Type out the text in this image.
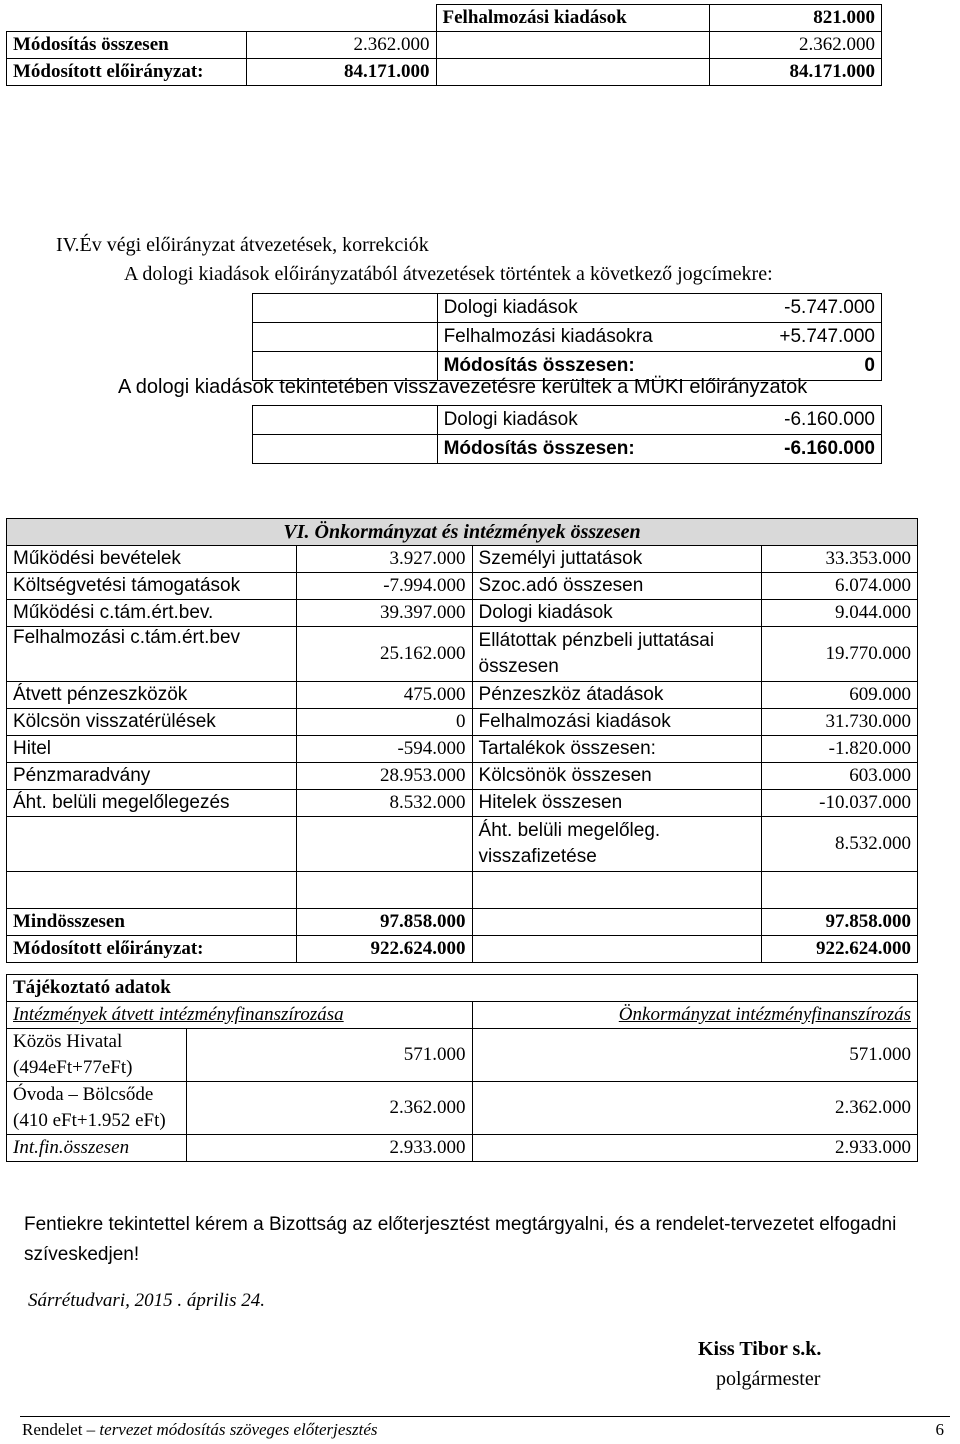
		Felhalmozási kiadások	821.000
Módosítás összesen	2.362.000		2.362.000
Módosított előirányzat:	84.171.000		84.171.000
IV.Év végi előirányzat átvezetések, korrekciók
A dologi kiadások előirányzatából átvezetések történtek a következő jogcímekre:
	Dologi kiadások -5.747.000

	Felhalmozási kiadásokra +5.747.000

	Módosítás összesen: 0
A dologi kiadások tekintetében visszavezetésre kerültek a MÜKI előirányzatok
	Dologi kiadások -6.160.000

	Módosítás összesen: -6.160.000
VI. Önkormányzat és intézmények összesen			
Működési bevételek	3.927.000	Személyi juttatások	33.353.000
Költségvetési támogatások	-7.994.000	Szoc.adó összesen	6.074.000
Működési c.tám.ért.bev.	39.397.000	Dologi kiadások	9.044.000
Felhalmozási c.tám.ért.bev	25.162.000	Ellátottak pénzbeli juttatásai összesen	19.770.000
Átvett pénzeszközök	475.000	Pénzeszköz átadások	609.000
Kölcsön visszatérülések	0	Felhalmozási kiadások	31.730.000
Hitel	-594.000	Tartalékok összesen:	-1.820.000
Pénzmaradvány	28.953.000	Kölcsönök összesen	603.000
Áht. belüli megelőlegezés	8.532.000	Hitelek összesen	-10.037.000
		Áht. belüli megelőleg. visszafizetése	8.532.000

Mindösszesen	97.858.000		97.858.000
Módosított előirányzat:	922.624.000		922.624.000
Tájékoztató adatok		
Intézmények átvett intézményfinanszírozása		Önkormányzat intézményfinanszírozás
Közös Hivatal (494eFt+77eFt)	571.000	571.000
Óvoda – Bölcsőde (410 eFt+1.952 eFt)	2.362.000	2.362.000
Int.fin.összesen	2.933.000	2.933.000
Fentiekre tekintettel kérem a Bizottság az előterjesztést megtárgyalni, és a rendelet-tervezetet elfogadni szíveskedjen!
Sárrétudvari, 2015 . április 24.
Kiss Tibor s.k.
polgármester
Rendelet – tervezet módosítás szöveges előterjesztés	6
